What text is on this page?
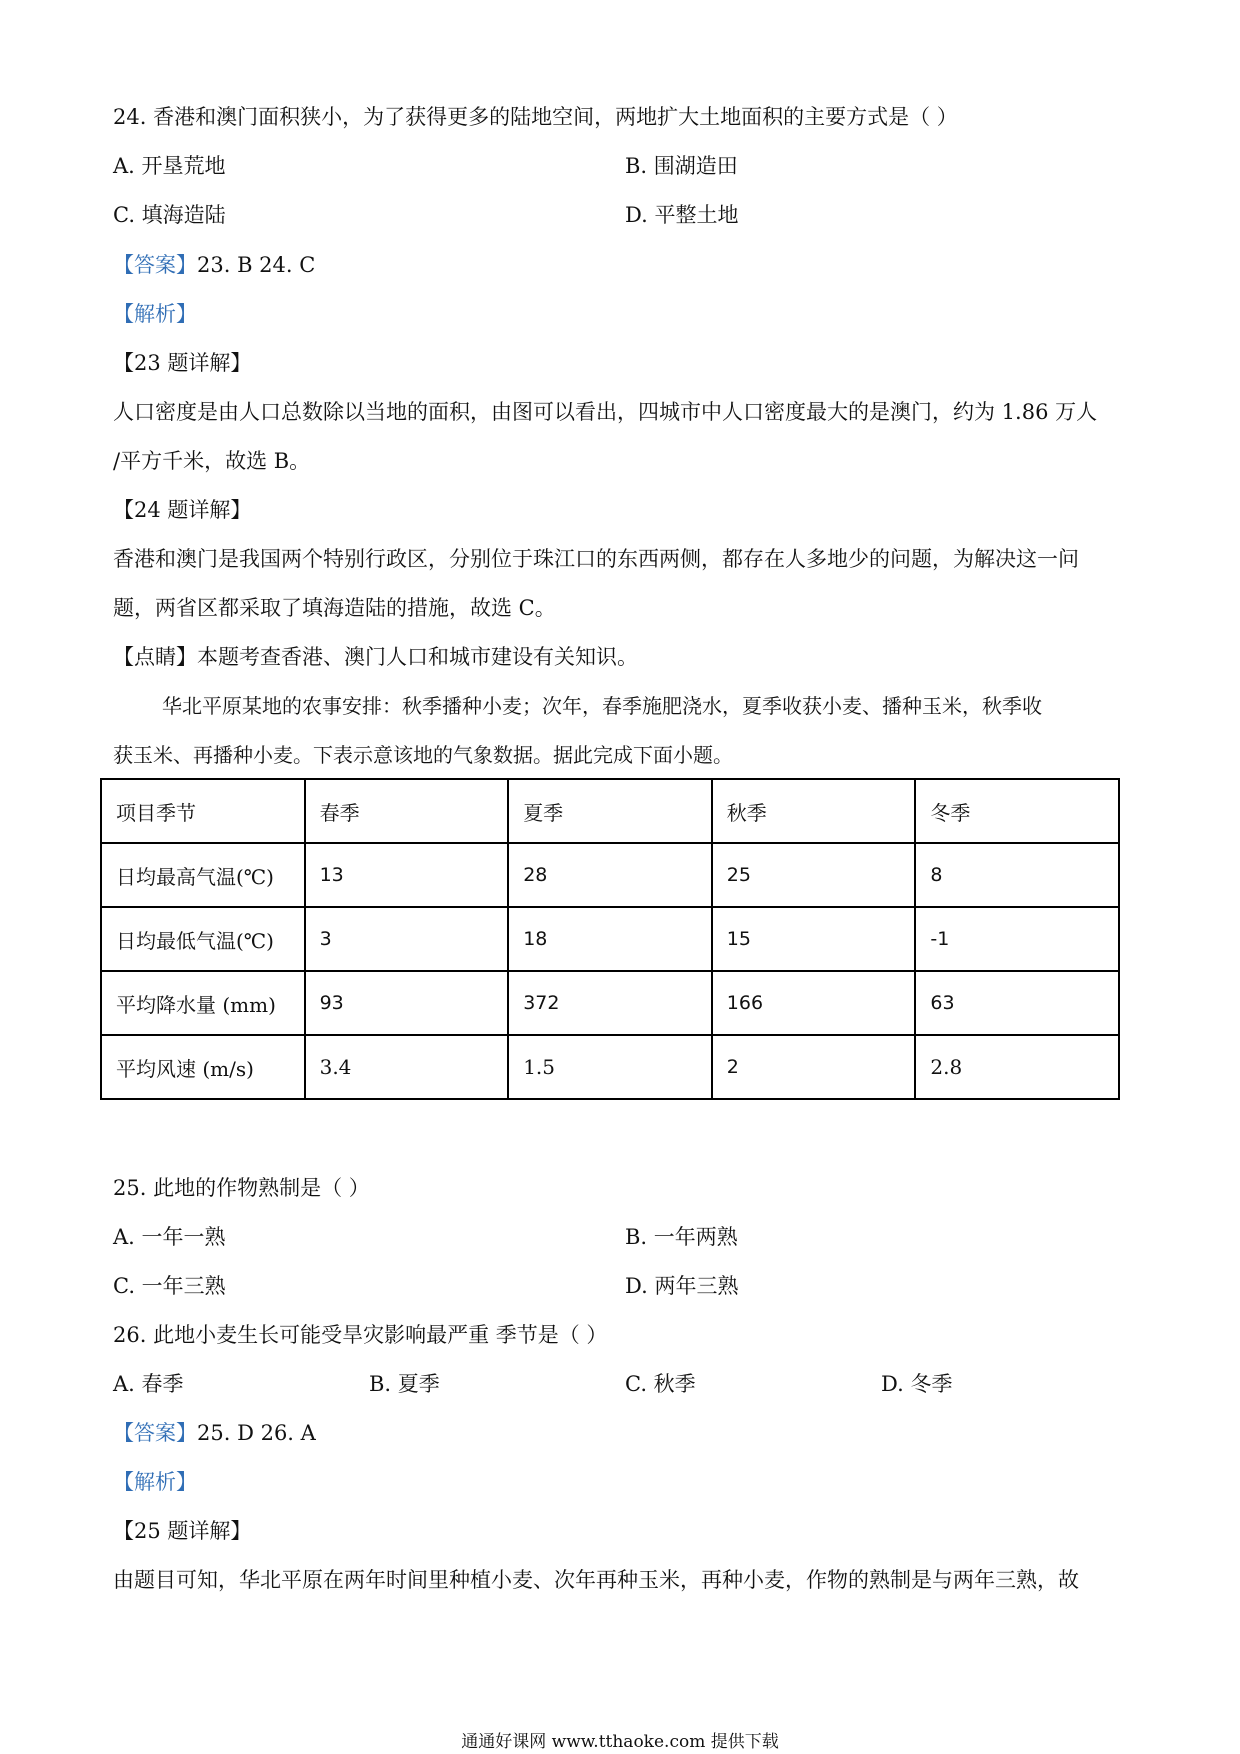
24. 香港和澳门面积狭小，为了获得更多的陆地空间，两地扩大土地面积的主要方式是（ ）
A. 开垦荒地	B. 围湖造田
C. 填海造陆	D. 平整土地
【答案】23. B 24. C
【解析】
【23 题详解】
人口密度是由人口总数除以当地的面积，由图可以看出，四城市中人口密度最大的是澳门，约为 1.86 万人
/平方千米，故选 B。
【24 题详解】
香港和澳门是我国两个特别行政区，分别位于珠江口的东西两侧，都存在人多地少的问题，为解决这一问
题，两省区都采取了填海造陆的措施，故选 C。
【点睛】本题考查香港、澳门人口和城市建设有关知识。
华北平原某地的农事安排：秋季播种小麦；次年，春季施肥浇水，夏季收获小麦、播种玉米，秋季收
获玉米、再播种小麦。下表示意该地的气象数据。据此完成下面小题。
项目季节	春季	夏季	秋季	冬季
日均最高气温(℃)	13	28	25	8
日均最低气温(℃)	3	18	15	-1
平均降水量 (mm)	93	372	166	63
平均风速 (m/s)	3.4	1.5	2	2.8
25. 此地的作物熟制是（ ）
A. 一年一熟	B. 一年两熟
C. 一年三熟	D. 两年三熟
26. 此地小麦生长可能受旱灾影响最严重 季节是（ ）
A. 春季	B. 夏季	C. 秋季	D. 冬季
【答案】25. D 26. A
【解析】
【25 题详解】
由题目可知，华北平原在两年时间里种植小麦、次年再种玉米，再种小麦，作物的熟制是与两年三熟，故
通通好课网 www.tthaoke.com 提供下载
